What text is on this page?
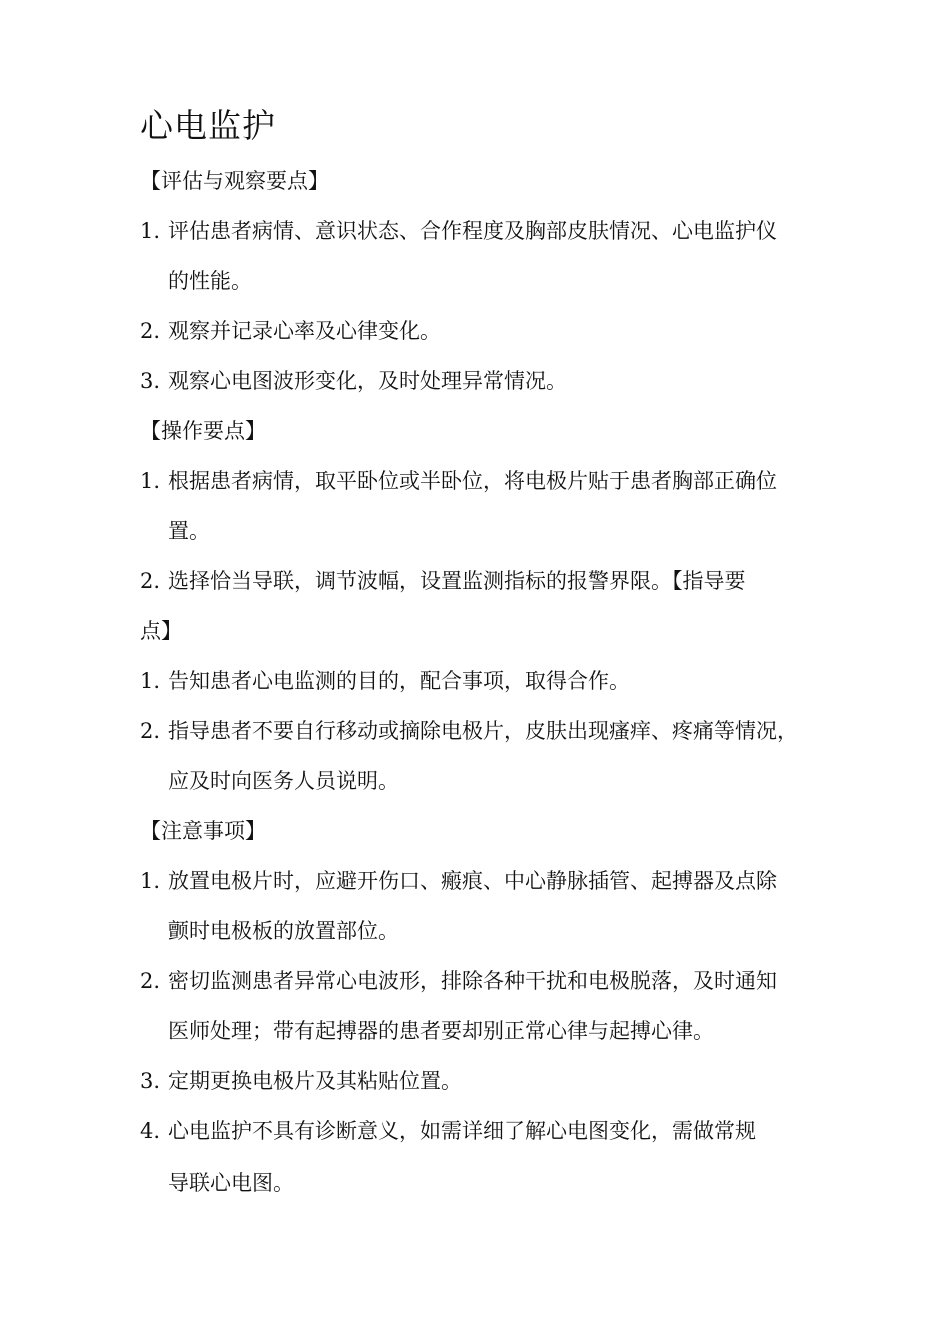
心电监护
【评估与观察要点】
1. 评估患者病情、意识状态、合作程度及胸部皮肤情况、心电监护仪
的性能。
2. 观察并记录心率及心律变化。
3. 观察心电图波形变化，及时处理异常情况。
【操作要点】
1. 根据患者病情，取平卧位或半卧位，将电极片贴于患者胸部正确位
置。
2. 选择恰当导联，调节波幅，设置监测指标的报警界限。【指导要
点】
1. 告知患者心电监测的目的，配合事项，取得合作。
2. 指导患者不要自行移动或摘除电极片，皮肤出现瘙痒、疼痛等情况，
应及时向医务人员说明。
【注意事项】
1. 放置电极片时，应避开伤口、瘢痕、中心静脉插管、起搏器及点除
颤时电极板的放置部位。
2. 密切监测患者异常心电波形，排除各种干扰和电极脱落，及时通知
医师处理；带有起搏器的患者要却别正常心律与起搏心律。
3. 定期更换电极片及其粘贴位置。
4. 心电监护不具有诊断意义，如需详细了解心电图变化，需做常规
导联心电图。
